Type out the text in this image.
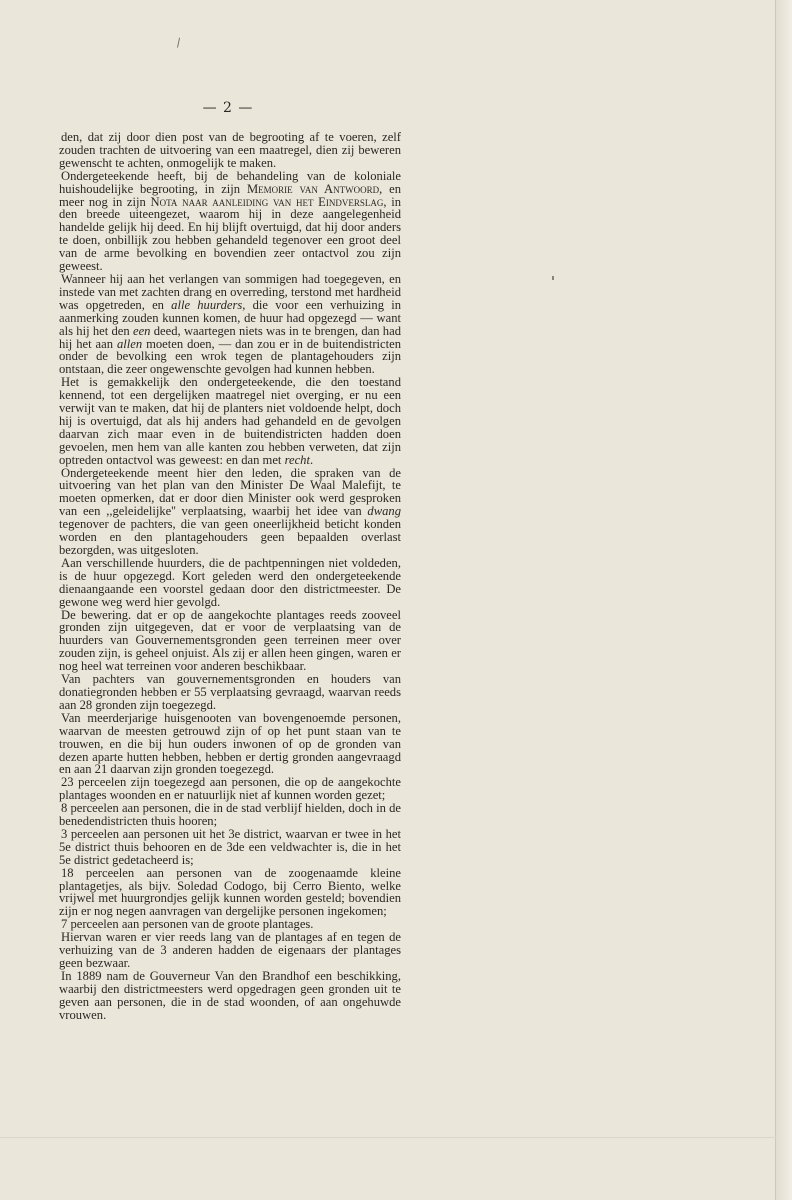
— 2 —

den, dat zij door dien post van de begrooting af te voeren, zelf zouden trachten de uitvoering van een maatregel, dien zij beweren gewenscht te achten, onmogelijk te maken.

Ondergeteekende heeft, bij de behandeling van de koloniale huishoudelijke begrooting, in zijn Memorie van Antwoord, en meer nog in zijn Nota naar aanleiding van het Eindverslag, in den breede uiteengezet, waarom hij in deze aangelegenheid handelde gelijk hij deed. En hij blijft overtuigd, dat hij door anders te doen, onbillijk zou hebben gehandeld tegenover een groot deel van de arme bevolking en bovendien zeer ontactvol zou zijn geweest.

Wanneer hij aan het verlangen van sommigen had toegegeven, en instede van met zachten drang en overreding, terstond met hardheid was opgetreden, en alle huurders, die voor een verhuizing in aanmerking zouden kunnen komen, de huur had opgezegd — want als hij het den een deed, waartegen niets was in te brengen, dan had hij het aan allen moeten doen, — dan zou er in de buitendistricten onder de bevolking een wrok tegen de plantagehouders zijn ontstaan, die zeer ongewenschte gevolgen had kunnen hebben.

Het is gemakkelijk den ondergeteekende, die den toestand kennend, tot een dergelijken maatregel niet overging, er nu een verwijt van te maken, dat hij de planters niet voldoende helpt, doch hij is overtuigd, dat als hij anders had gehandeld en de gevolgen daarvan zich maar even in de buitendistricten hadden doen gevoelen, men hem van alle kanten zou hebben verweten, dat zijn optreden ontactvol was geweest: en dan met recht.

Ondergeteekende meent hier den leden, die spraken van de uitvoering van het plan van den Minister De Waal Malefijt, te moeten opmerken, dat er door dien Minister ook werd gesproken van een ,,geleidelijke'' verplaatsing, waarbij het idee van dwang tegenover de pachters, die van geen oneerlijkheid beticht konden worden en den plantagehouders geen bepaalden overlast bezorgden, was uitgesloten.

Aan verschillende huurders, die de pachtpenningen niet voldeden, is de huur opgezegd. Kort geleden werd den ondergeteekende dienaangaande een voorstel gedaan door den districtmeester. De gewone weg werd hier gevolgd.

De bewering. dat er op de aangekochte plantages reeds zooveel gronden zijn uitgegeven, dat er voor de verplaatsing van de huurders van Gouvernementsgronden geen terreinen meer over zouden zijn, is geheel onjuist. Als zij er allen heen gingen, waren er nog heel wat terreinen voor anderen beschikbaar.

Van pachters van gouvernementsgronden en houders van donatiegronden hebben er 55 verplaatsing gevraagd, waarvan reeds aan 28 gronden zijn toegezegd.

Van meerderjarige huisgenooten van bovengenoemde personen, waarvan de meesten getrouwd zijn of op het punt staan van te trouwen, en die bij hun ouders inwonen of op de gronden van dezen aparte hutten hebben, hebben er dertig gronden aangevraagd en aan 21 daarvan zijn gronden toegezegd.

23 perceelen zijn toegezegd aan personen, die op de aangekochte plantages woonden en er natuurlijk niet af kunnen worden gezet;

8 perceelen aan personen, die in de stad verblijf hielden, doch in de benedendistricten thuis hooren;

3 perceelen aan personen uit het 3e district, waarvan er twee in het 5e district thuis behooren en de 3de een veldwachter is, die in het 5e district gedetacheerd is;

18 perceelen aan personen van de zoogenaamde kleine plantagetjes, als bijv. Soledad Codogo, bij Cerro Biento, welke vrijwel met huurgrondjes gelijk kunnen worden gesteld; bovendien zijn er nog negen aanvragen van dergelijke personen ingekomen;

7 perceelen aan personen van de groote plantages.

Hiervan waren er vier reeds lang van de plantages af en tegen de verhuizing van de 3 anderen hadden de eigenaars der plantages geen bezwaar.

In 1889 nam de Gouverneur Van den Brandhof een beschikking, waarbij den districtmeesters werd opgedragen geen gronden uit te geven aan personen, die in de stad woonden, of aan ongehuwde vrouwen.
